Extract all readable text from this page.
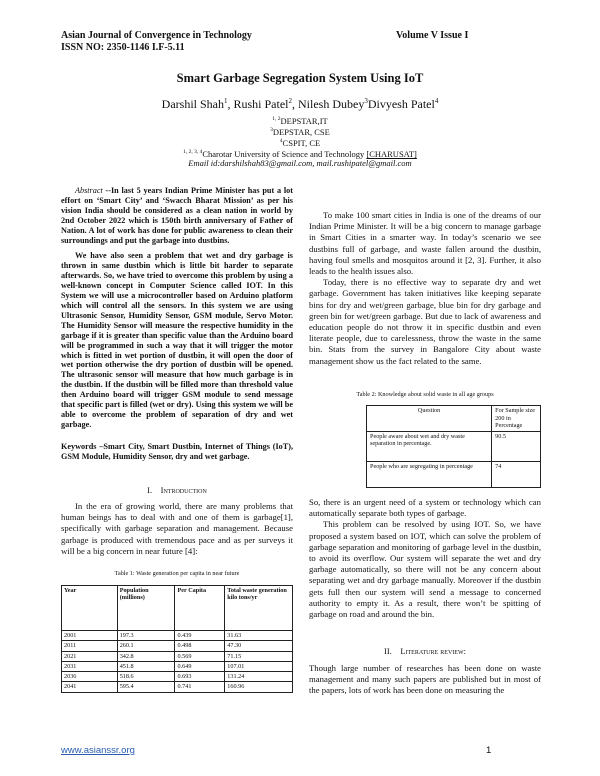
Asian Journal of Convergence in Technology
ISSN NO: 2350-1146 I.F-5.11
Volume V Issue I
Smart Garbage Segregation System Using IoT
Darshil Shah$^1$, Rushi Patel$^2$, Nilesh Dubey$^3$Divyesh Patel$^4$
$^{1, 2}$DEPSTAR,IT
$^3$DEPSTAR, CSE
$^4$CSPIT, CE
$^{1, 2, 3, 4}$Charotar University of Science and Technology [CHARUSAT]
Email id:darshilshah83@gmail.com, mail.rushipatel@gmail.com

Abstract --In last 5 years Indian Prime Minister has put a lot effort on ‘Smart City’ and ‘Swacch Bharat Mission’ as per his vision India should be considered as a clean nation in world by 2nd October 2022 which is 150th birth anniversary of Father of Nation. A lot of work has done for public awareness to clean their surroundings and put the garbage into dustbins.

We have also seen a problem that wet and dry garbage is thrown in same dustbin which is little bit harder to separate afterwards. So, we have tried to overcome this problem by using a well-known concept in Computer Science called IOT. In this System we will use a microcontroller based on Arduino platform which will control all the sensors. In this system we are using Ultrasonic Sensor, Humidity Sensor, GSM module, Servo Motor. The Humidity Sensor will measure the respective humidity in the garbage if it is greater than specific value than the Arduino board will be programmed in such a way that it will trigger the motor which is fitted in wet portion of dustbin, it will open the door of wet portion otherwise the dry portion of dustbin will be opened. The ultrasonic sensor will measure that how much garbage is in the dustbin. If the dustbin will be filled more than threshold value then Arduino board will trigger GSM module to send message that specific part is filled (wet or dry). Using this system we will be able to overcome the problem of separation of dry and wet garbage.

Keywords –Smart City, Smart Dustbin, Internet of Things (IoT), GSM Module, Humidity Sensor, dry and wet garbage.

I. Introduction

In the era of growing world, there are many problems that human beings has to deal with and one of them is garbage[1], specifically with garbage separation and management. Because garbage is produced with tremendous pace and as per surveys it will be a big concern in near future [4]:

Table 1: Waste generation per capita in near future
Year	Population (millions)	Per Capita	Total waste generation kilo tons/yr
2001	197.3	0.439	31.63
2011	260.1	0.498	47.30
2021	342.8	0.569	71.15
2031	451.8	0.649	107.01
2036	518.6	0.693	131.24
2041	595.4	0.741	160.96

To make 100 smart cities in India is one of the dreams of our Indian Prime Minister. It will be a big concern to manage garbage in Smart Cities in a smarter way. In today’s scenario we see dustbins full of garbage, and waste fallen around the dustbin, having foul smells and mosquitos around it [2, 3]. Further, it also leads to the health issues also.

Today, there is no effective way to separate dry and wet garbage. Government has taken initiatives like keeping separate bins for dry and wet/green garbage, blue bin for dry garbage and green bin for wet/green garbage. But due to lack of awareness and education people do not throw it in specific dustbin and even literate people, due to carelessness, throw the waste in the same bin. Stats from the survey in Bangalore City about waste management show us the fact related to the same.

Table 2: Knowledge about solid waste in all age groups
Question	For Sample size 200 in Percentage
People aware about wet and dry waste separation in percentage.	90.5
People who are segregating in percentage	74

So, there is an urgent need of a system or technology which can automatically separate both types of garbage.

This problem can be resolved by using IOT. So, we have proposed a system based on IOT, which can solve the problem of garbage separation and monitoring of garbage level in the dustbin, to avoid its overflow. Our system will separate the wet and dry garbage automatically, so there will not be any concern about separating wet and dry garbage manually. Moreover if the dustbin gets full then our system will send a message to concerned authority to empty it. As a result, there won’t be spitting of garbage on road and around the bin.

II. Literature review:

Though large number of researches has been done on waste management and many such papers are published but in most of the papers, lots of work has been done on measuring the

www.asianssr.org	1
